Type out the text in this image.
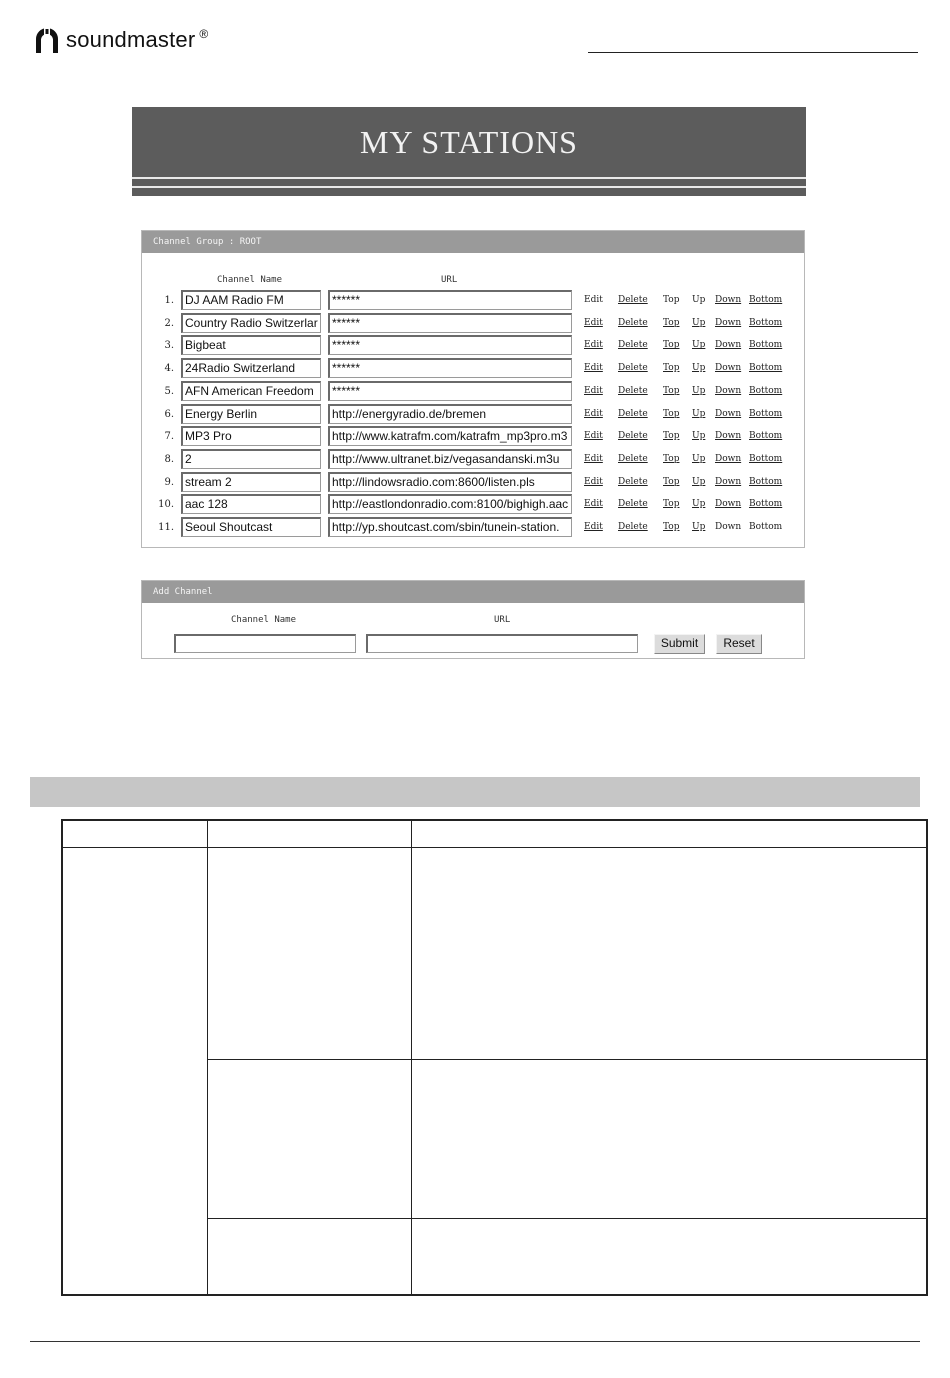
soundmaster ®
MY STATIONS
Channel Group : ROOT
Channel Name	URL
1. DJ AAM Radio FM	******	Edit Delete Top Up Down Bottom
2. Country Radio Switzerlar	******	Edit Delete Top Up Down Bottom
3. Bigbeat	******	Edit Delete Top Up Down Bottom
4. 24Radio Switzerland	******	Edit Delete Top Up Down Bottom
5. AFN American Freedom	******	Edit Delete Top Up Down Bottom
6. Energy Berlin	http://energyradio.de/bremen	Edit Delete Top Up Down Bottom
7. MP3 Pro	http://www.katrafm.com/katrafm_mp3pro.m3	Edit Delete Top Up Down Bottom
8. 2	http://www.ultranet.biz/vegasandanski.m3u	Edit Delete Top Up Down Bottom
9. stream 2	http://lindowsradio.com:8600/listen.pls	Edit Delete Top Up Down Bottom
10. aac 128	http://eastlondonradio.com:8100/bighigh.aac	Edit Delete Top Up Down Bottom
11. Seoul Shoutcast	http://yp.shoutcast.com/sbin/tunein-station.	Edit Delete Top Up Down Bottom
Add Channel
Channel Name	URL
Submit	Reset
